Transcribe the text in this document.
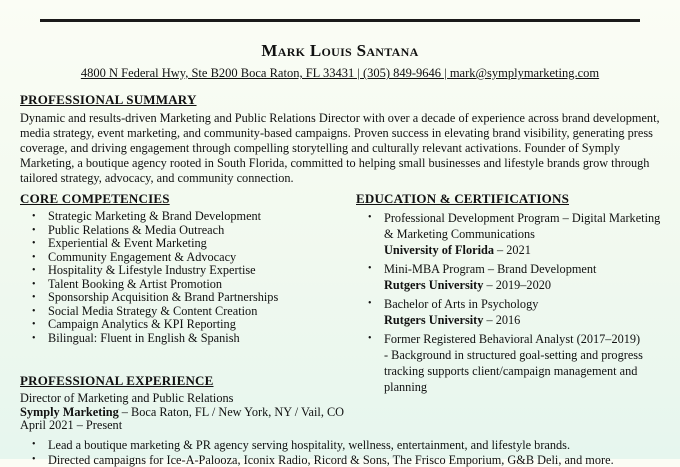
Mark Louis Santana
4800 N Federal Hwy, Ste B200 Boca Raton, FL 33431 | (305) 849-9646 | mark@symplymarketing.com
PROFESSIONAL SUMMARY
Dynamic and results-driven Marketing and Public Relations Director with over a decade of experience across brand development, media strategy, event marketing, and community-based campaigns. Proven success in elevating brand visibility, generating press coverage, and driving engagement through compelling storytelling and culturally relevant activations. Founder of Symply Marketing, a boutique agency rooted in South Florida, committed to helping small businesses and lifestyle brands grow through tailored strategy, advocacy, and community connection.
CORE COMPETENCIES
• Strategic Marketing & Brand Development
• Public Relations & Media Outreach
• Experiential & Event Marketing
• Community Engagement & Advocacy
• Hospitality & Lifestyle Industry Expertise
• Talent Booking & Artist Promotion
• Sponsorship Acquisition & Brand Partnerships
• Social Media Strategy & Content Creation
• Campaign Analytics & KPI Reporting
• Bilingual: Fluent in English & Spanish
EDUCATION & CERTIFICATIONS
• Professional Development Program – Digital Marketing & Marketing Communications
University of Florida – 2021
• Mini-MBA Program – Brand Development
Rutgers University – 2019–2020
• Bachelor of Arts in Psychology
Rutgers University – 2016
• Former Registered Behavioral Analyst (2017–2019)
- Background in structured goal-setting and progress tracking supports client/campaign management and planning
PROFESSIONAL EXPERIENCE
Director of Marketing and Public Relations
Symply Marketing – Boca Raton, FL / New York, NY / Vail, CO
April 2021 – Present
• Lead a boutique marketing & PR agency serving hospitality, wellness, entertainment, and lifestyle brands.
• Directed campaigns for Ice-A-Palooza, Iconix Radio, Ricord & Sons, The Frisco Emporium, G&B Deli, and more.
